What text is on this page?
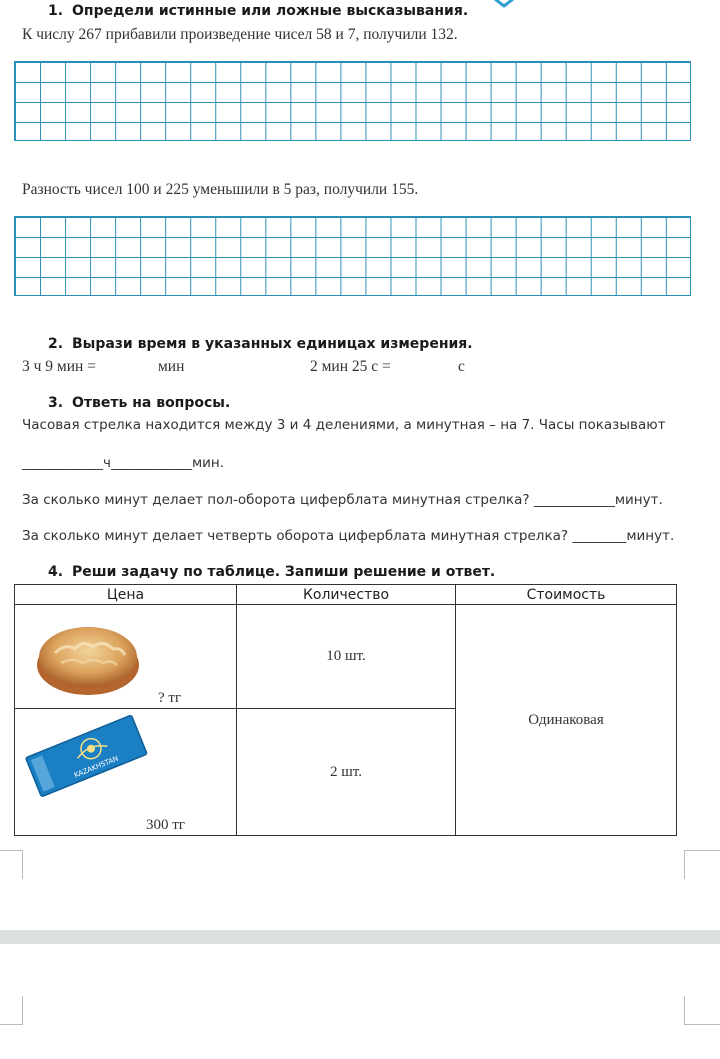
1. Определи истинные или ложные высказывания.
К числу 267 прибавили произведение чисел 58 и 7, получили 132.
Разность чисел 100 и 225 уменьшили в 5 раз, получили 155.
2. Вырази время в указанных единицах измерения.
3 ч 9 мин =	мин	2 мин 25 с =	с
3. Ответь на вопросы.
Часовая стрелка находится между 3 и 4 делениями, а минутная – на 7. Часы показывают
____________ч____________мин.
За сколько минут делает пол-оборота циферблата минутная стрелка? ____________минут.
За сколько минут делает четверть оборота циферблата минутная стрелка? ________минут.
4. Реши задачу по таблице. Запиши решение и ответ.
Цена	Количество	Стоимость

? тг	10 шт.	Одинаковая

KAZAKHSTAN
300 тг	2 шт.	
